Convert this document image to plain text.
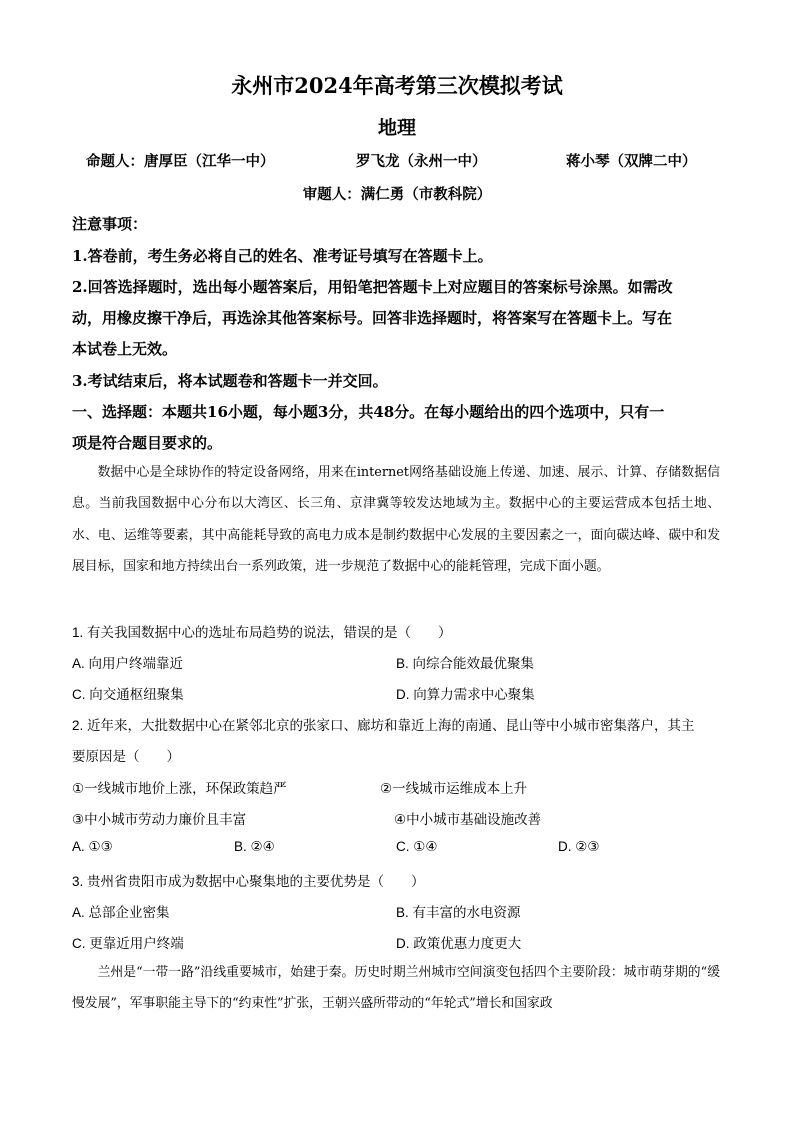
永州市2024年高考第三次模拟考试
地理
命题人：唐厚臣（江华一中）	罗飞龙（永州一中）	蒋小琴（双牌二中）
审题人：满仁勇（市教科院）
注意事项：
1.答卷前，考生务必将自己的姓名、准考证号填写在答题卡上。
2.回答选择题时，选出每小题答案后，用铅笔把答题卡上对应题目的答案标号涂黑。如需改
动，用橡皮擦干净后，再选涂其他答案标号。回答非选择题时，将答案写在答题卡上。写在
本试卷上无效。
3.考试结束后，将本试题卷和答题卡一并交回。
一、选择题：本题共16小题，每小题3分，共48分。在每小题给出的四个选项中，只有一
项是符合题目要求的。
数据中心是全球协作的特定设备网络，用来在internet网络基础设施上传递、加速、展示、计算、存储数据信息。当前我国数据中心分布以大湾区、长三角、京津冀等较发达地域为主。数据中心的主要运营成本包括土地、水、电、运维等要素，其中高能耗导致的高电力成本是制约数据中心发展的主要因素之一，面向碳达峰、碳中和发展目标，国家和地方持续出台一系列政策，进一步规范了数据中心的能耗管理，完成下面小题。
1. 有关我国数据中心的选址布局趋势的说法，错误的是（　　）
A. 向用户终端靠近	B. 向综合能效最优聚集
C. 向交通枢纽聚集	D. 向算力需求中心聚集
2. 近年来，大批数据中心在紧邻北京的张家口、廊坊和靠近上海的南通、昆山等中小城市密集落户，其主
要原因是（　　）
①一线城市地价上涨，环保政策趋严	②一线城市运维成本上升
③中小城市劳动力廉价且丰富	④中小城市基础设施改善
A. ①③	B. ②④	C. ①④	D. ②③
3. 贵州省贵阳市成为数据中心聚集地的主要优势是（　　）
A. 总部企业密集	B. 有丰富的水电资源
C. 更靠近用户终端	D. 政策优惠力度更大
兰州是“一带一路”沿线重要城市，始建于秦。历史时期兰州城市空间演变包括四个主要阶段：城市萌芽期的“缓慢发展”，军事职能主导下的“约束性”扩张，王朝兴盛所带动的“年轮式”增长和国家政
